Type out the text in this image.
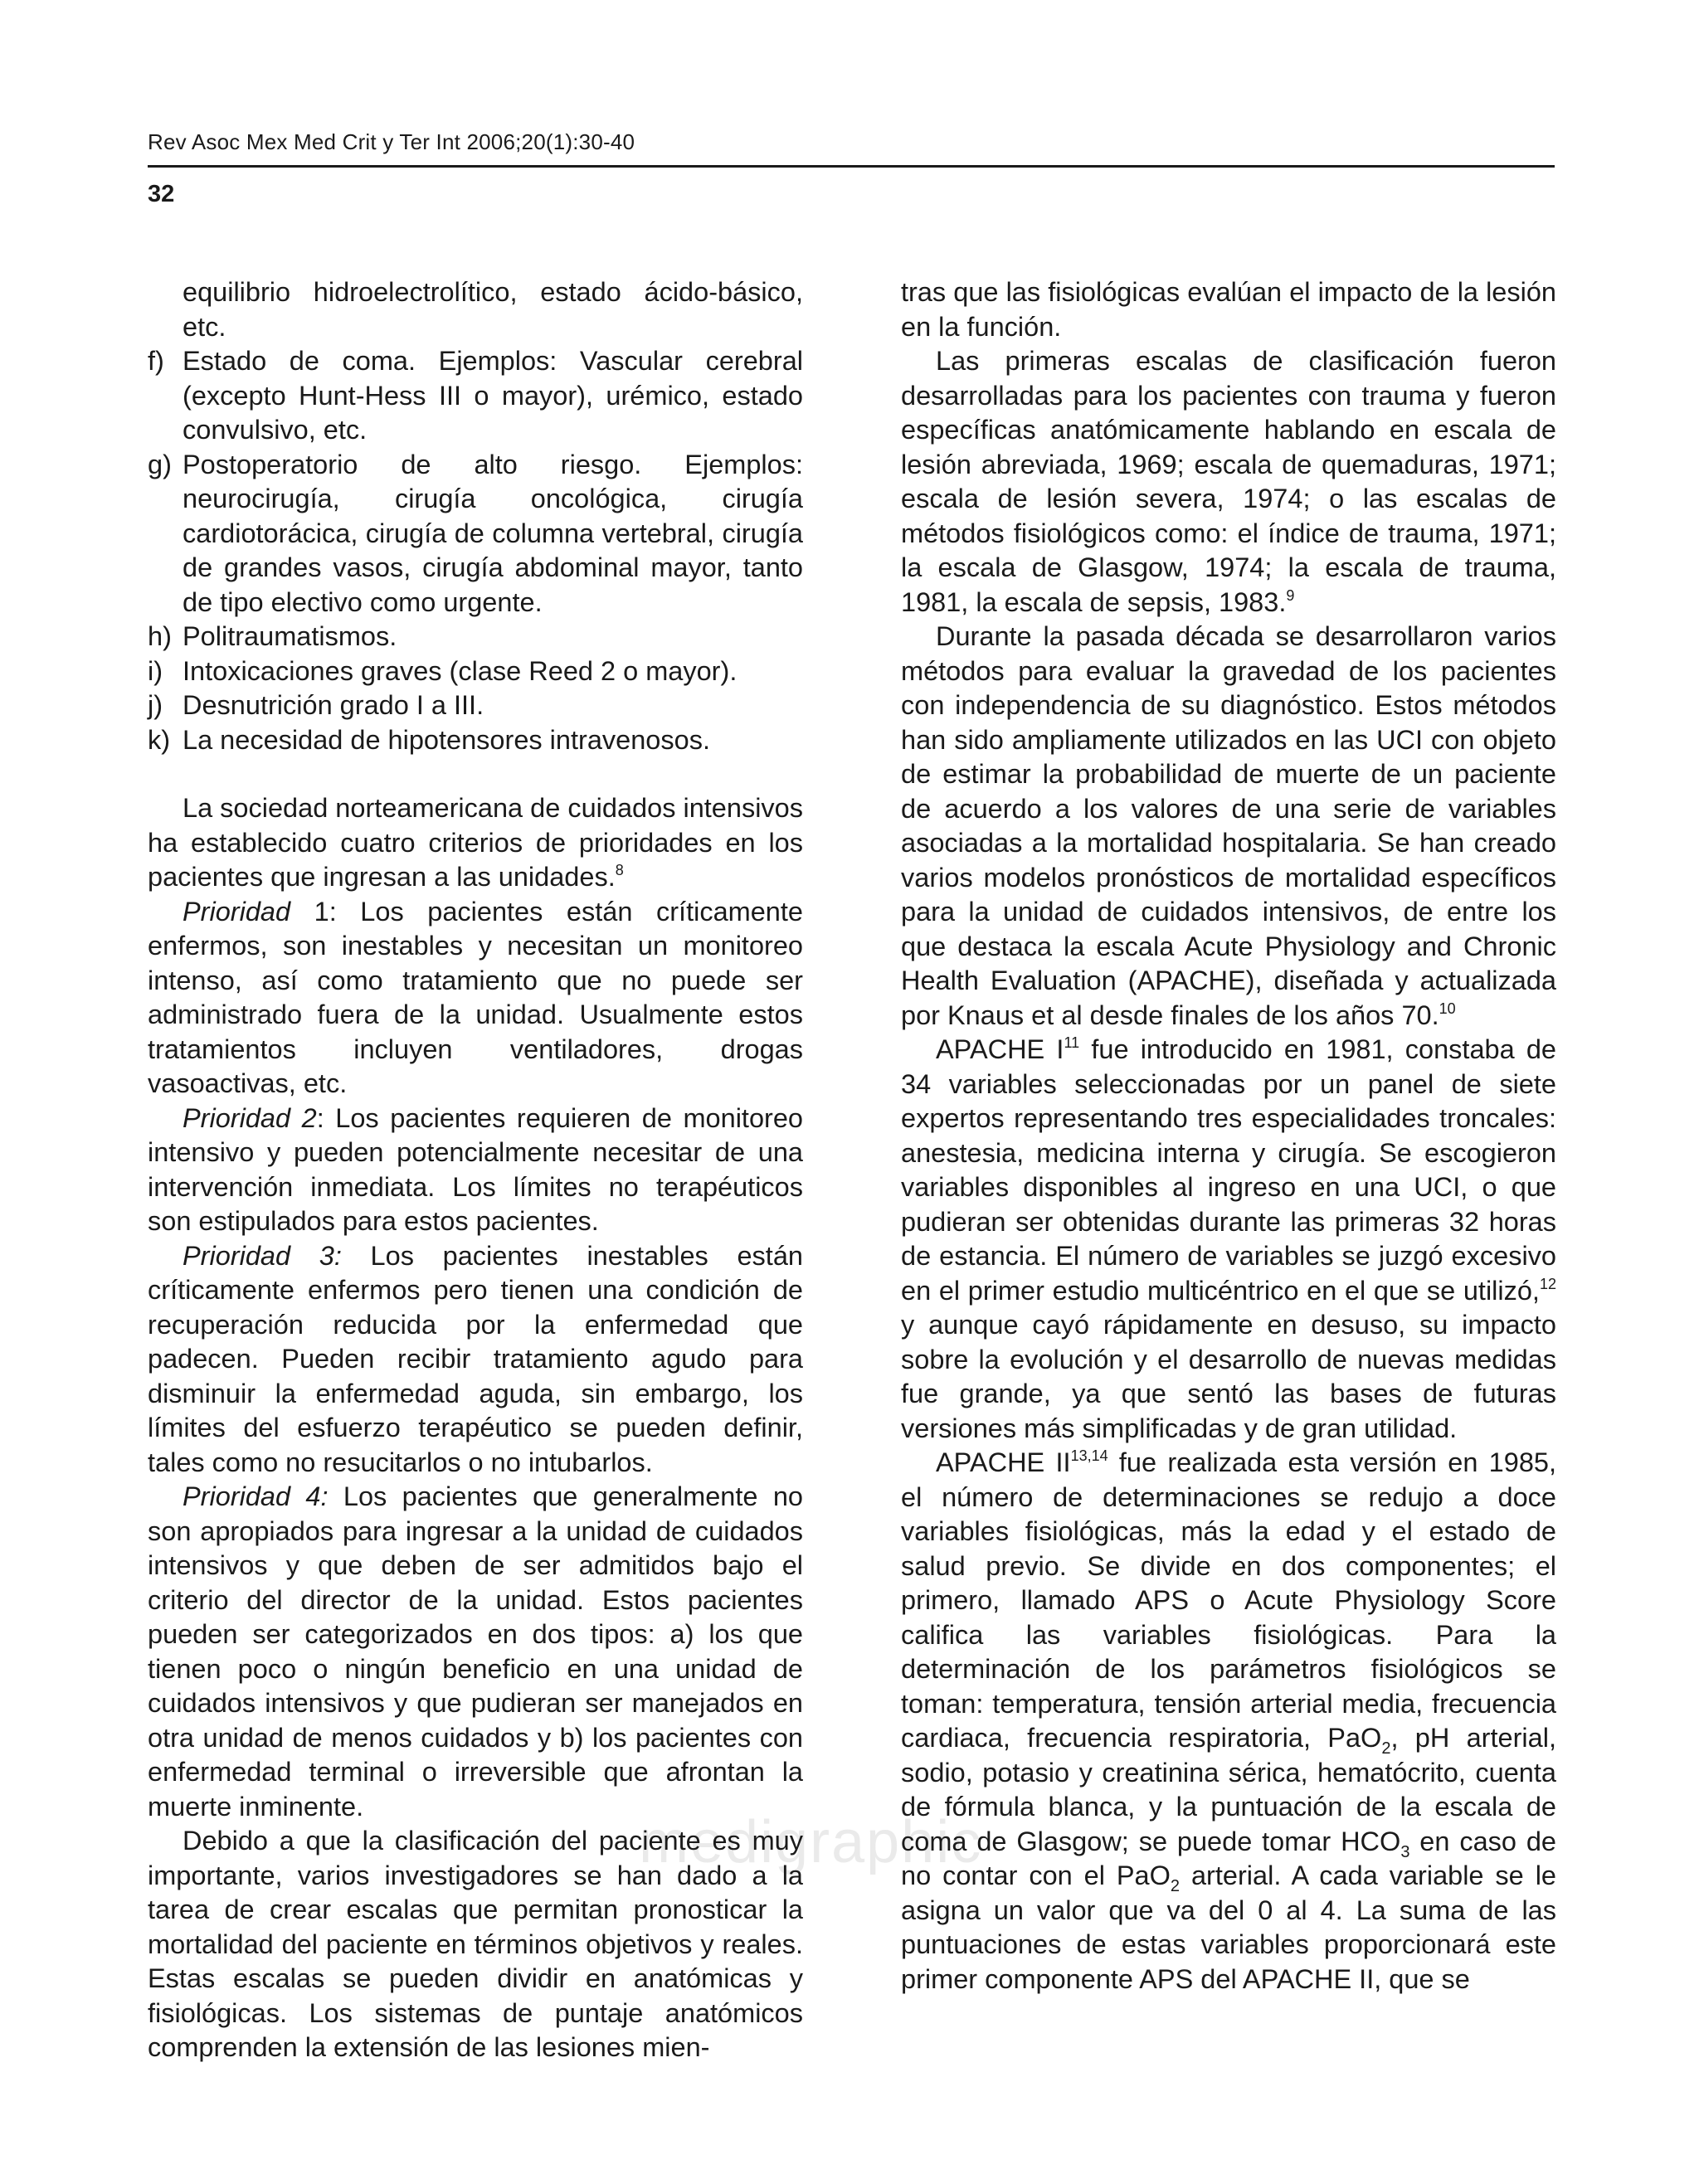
Rev Asoc Mex Med Crit y Ter Int 2006;20(1):30-40
32
medigraphic

equilibrio hidroelectrolítico, estado ácido-básico, etc.

f) Estado de coma. Ejemplos: Vascular cerebral (excepto Hunt-Hess III o mayor), urémico, estado convulsivo, etc.
g) Postoperatorio de alto riesgo. Ejemplos: neurocirugía, cirugía oncológica, cirugía cardiotorácica, cirugía de columna vertebral, cirugía de grandes vasos, cirugía abdominal mayor, tanto de tipo electivo como urgente.
h) Politraumatismos.
i) Intoxicaciones graves (clase Reed 2 o mayor).
j) Desnutrición grado I a III.
k) La necesidad de hipotensores intravenosos.

La sociedad norteamericana de cuidados intensivos ha establecido cuatro criterios de prioridades en los pacientes que ingresan a las unidades.$^8$

Prioridad 1: Los pacientes están críticamente enfermos, son inestables y necesitan un monitoreo intenso, así como tratamiento que no puede ser administrado fuera de la unidad. Usualmente estos tratamientos incluyen ventiladores, drogas vasoactivas, etc.

Prioridad 2: Los pacientes requieren de monitoreo intensivo y pueden potencialmente necesitar de una intervención inmediata. Los límites no terapéuticos son estipulados para estos pacientes.

Prioridad 3: Los pacientes inestables están críticamente enfermos pero tienen una condición de recuperación reducida por la enfermedad que padecen. Pueden recibir tratamiento agudo para disminuir la enfermedad aguda, sin embargo, los límites del esfuerzo terapéutico se pueden definir, tales como no resucitarlos o no intubarlos.

Prioridad 4: Los pacientes que generalmente no son apropiados para ingresar a la unidad de cuidados intensivos y que deben de ser admitidos bajo el criterio del director de la unidad. Estos pacientes pueden ser categorizados en dos tipos: a) los que tienen poco o ningún beneficio en una unidad de cuidados intensivos y que pudieran ser manejados en otra unidad de menos cuidados y b) los pacientes con enfermedad terminal o irreversible que afrontan la muerte inminente.

Debido a que la clasificación del paciente es muy importante, varios investigadores se han dado a la tarea de crear escalas que permitan pronosticar la mortalidad del paciente en términos objetivos y reales. Estas escalas se pueden dividir en anatómicas y fisiológicas. Los sistemas de puntaje anatómicos comprenden la extensión de las lesiones mien-

tras que las fisiológicas evalúan el impacto de la lesión en la función.

Las primeras escalas de clasificación fueron desarrolladas para los pacientes con trauma y fueron específicas anatómicamente hablando en escala de lesión abreviada, 1969; escala de quemaduras, 1971; escala de lesión severa, 1974; o las escalas de métodos fisiológicos como: el índice de trauma, 1971; la escala de Glasgow, 1974; la escala de trauma, 1981, la escala de sepsis, 1983.$^9$

Durante la pasada década se desarrollaron varios métodos para evaluar la gravedad de los pacientes con independencia de su diagnóstico. Estos métodos han sido ampliamente utilizados en las UCI con objeto de estimar la probabilidad de muerte de un paciente de acuerdo a los valores de una serie de variables asociadas a la mortalidad hospitalaria. Se han creado varios modelos pronósticos de mortalidad específicos para la unidad de cuidados intensivos, de entre los que destaca la escala Acute Physiology and Chronic Health Evaluation (APACHE), diseñada y actualizada por Knaus et al desde finales de los años 70.10

APACHE $I^{11}$ fue introducido en 1981, constaba de 34 variables seleccionadas por un panel de siete expertos representando tres especialidades troncales: anestesia, medicina interna y cirugía. Se escogieron variables disponibles al ingreso en una UCI, o que pudieran ser obtenidas durante las primeras 32 horas de estancia. El número de variables se juzgó excesivo en el primer estudio multicéntrico en el que se utilizó,$^{12}$ y aunque cayó rápidamente en desuso, su impacto sobre la evolución y el desarrollo de nuevas medidas fue grande, ya que sentó las bases de futuras versiones más simplificadas y de gran utilidad.

APACHE II$^{13,14}$ fue realizada esta versión en 1985, el número de determinaciones se redujo a doce variables fisiológicas, más la edad y el estado de salud previo. Se divide en dos componentes; el primero, llamado APS o Acute Physiology Score califica las variables fisiológicas. Para la determinación de los parámetros fisiológicos se toman: temperatura, tensión arterial media, frecuencia cardiaca, frecuencia respiratoria, PaO$_2$, pH arterial, sodio, potasio y creatinina sérica, hematócrito, cuenta de fórmula blanca, y la puntuación de la escala de coma de Glasgow; se puede tomar $HCO_3$ en caso de no contar con el PaO$_2$ arterial. A cada variable se le asigna un valor que va del 0 al 4. La suma de las puntuaciones de estas variables proporcionará este primer componente APS del APACHE II, que se
